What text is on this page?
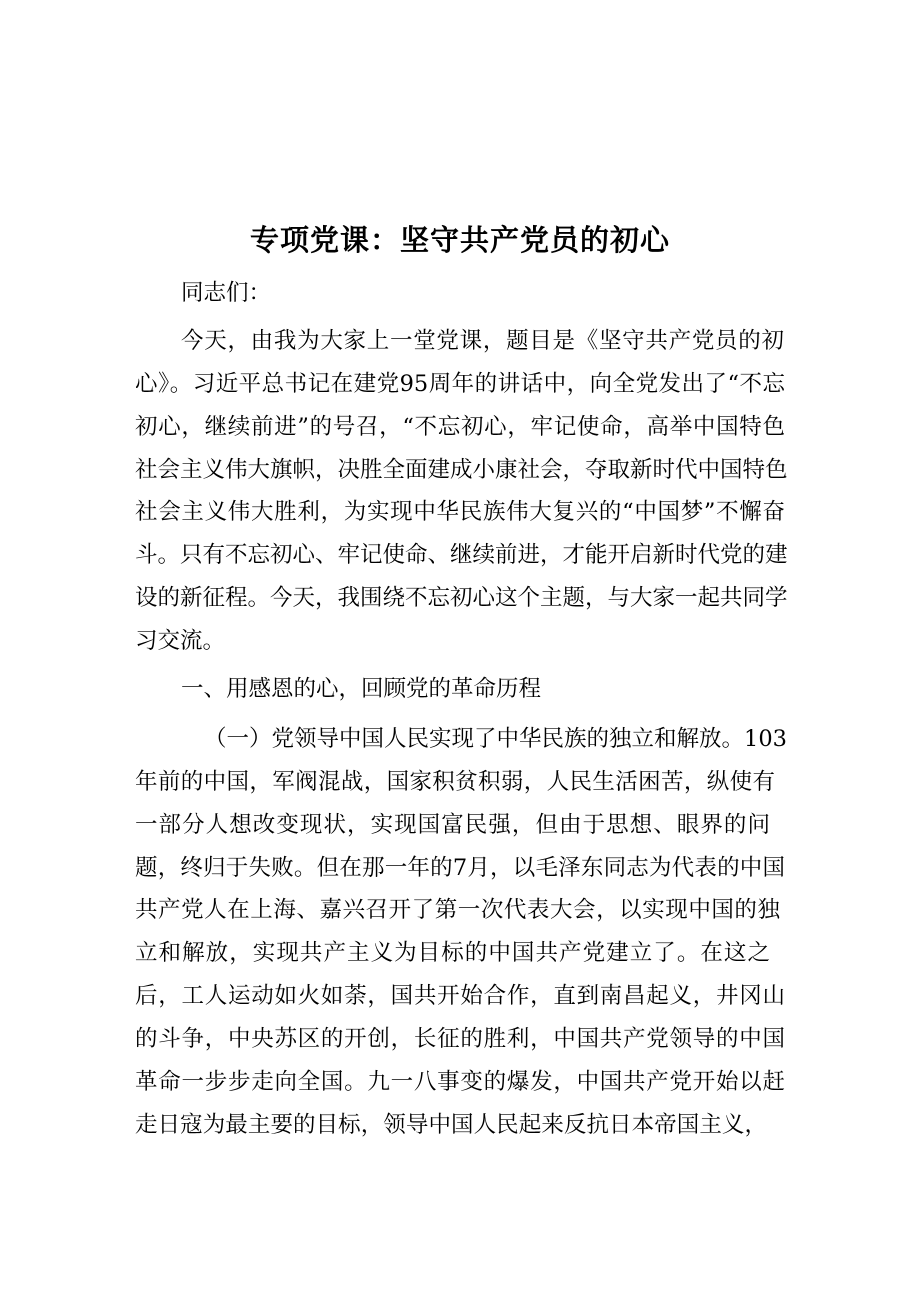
专项党课：坚守共产党员的初心
同志们：
今天，由我为大家上一堂党课，题目是《坚守共产党员的初
心》。习近平总书记在建党95周年的讲话中，向全党发出了“不忘
初心，继续前进”的号召，“不忘初心，牢记使命，高举中国特色
社会主义伟大旗帜，决胜全面建成小康社会，夺取新时代中国特色
社会主义伟大胜利，为实现中华民族伟大复兴的“中国梦”不懈奋
斗。只有不忘初心、牢记使命、继续前进，才能开启新时代党的建
设的新征程。今天，我围绕不忘初心这个主题，与大家一起共同学
习交流。
一、用感恩的心，回顾党的革命历程
（一）党领导中国人民实现了中华民族的独立和解放。103
年前的中国，军阀混战，国家积贫积弱，人民生活困苦，纵使有
一部分人想改变现状，实现国富民强，但由于思想、眼界的问
题，终归于失败。但在那一年的7月，以毛泽东同志为代表的中国
共产党人在上海、嘉兴召开了第一次代表大会，以实现中国的独
立和解放，实现共产主义为目标的中国共产党建立了。在这之
后，工人运动如火如荼，国共开始合作，直到南昌起义，井冈山
的斗争，中央苏区的开创，长征的胜利，中国共产党领导的中国
革命一步步走向全国。九一八事变的爆发，中国共产党开始以赶
走日寇为最主要的目标，领导中国人民起来反抗日本帝国主义，
